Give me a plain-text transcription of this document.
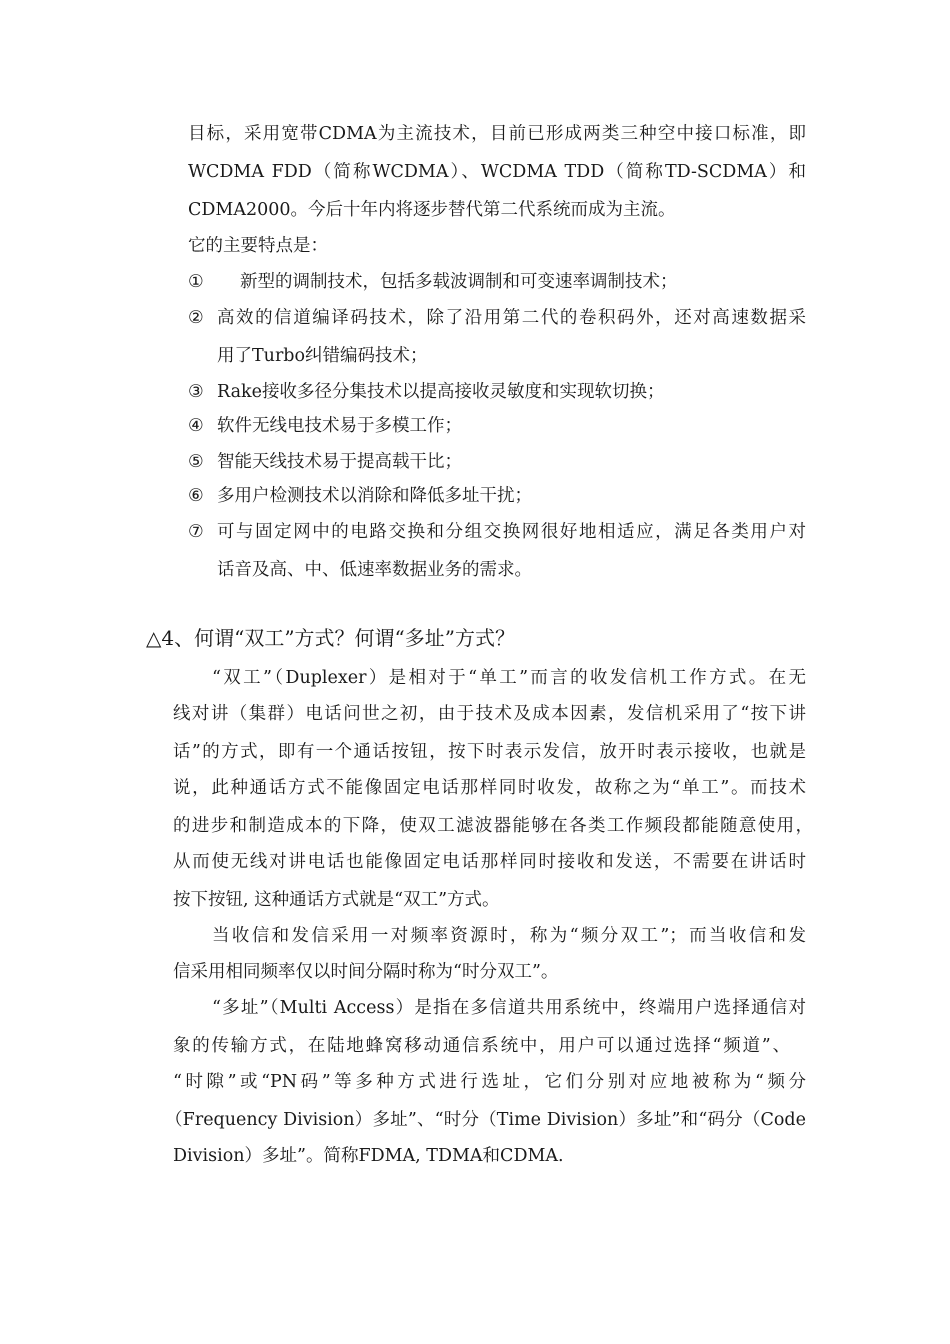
目标，采用宽带CDMA为主流技术，目前已形成两类三种空中接口标准，即
WCDMA FDD（简称WCDMA）、WCDMA TDD（简称TD-SCDMA）和
CDMA2000。今后十年内将逐步替代第二代系统而成为主流。
它的主要特点是：
① 新型的调制技术，包括多载波调制和可变速率调制技术；
② 高效的信道编译码技术，除了沿用第二代的卷积码外，还对高速数据采
用了Turbo纠错编码技术；
③ Rake接收多径分集技术以提高接收灵敏度和实现软切换；
④ 软件无线电技术易于多模工作；
⑤ 智能天线技术易于提高载干比；
⑥ 多用户检测技术以消除和降低多址干扰；
⑦ 可与固定网中的电路交换和分组交换网很好地相适应，满足各类用户对
话音及高、中、低速率数据业务的需求。
△4、何谓“双工”方式？何谓“多址”方式？
“双工”（Duplexer）是相对于“单工”而言的收发信机工作方式。在无
线对讲（集群）电话问世之初，由于技术及成本因素，发信机采用了“按下讲
话”的方式，即有一个通话按钮，按下时表示发信，放开时表示接收，也就是
说，此种通话方式不能像固定电话那样同时收发，故称之为“单工”。而技术
的进步和制造成本的下降，使双工滤波器能够在各类工作频段都能随意使用，
从而使无线对讲电话也能像固定电话那样同时接收和发送，不需要在讲话时
按下按钮, 这种通话方式就是“双工”方式。
当收信和发信采用一对频率资源时，称为“频分双工”；而当收信和发
信采用相同频率仅以时间分隔时称为“时分双工”。
“多址”（Multi Access）是指在多信道共用系统中，终端用户选择通信对
象的传输方式，在陆地蜂窝移动通信系统中，用户可以通过选择“频道”、
“时隙”或“PN码”等多种方式进行选址，它们分别对应地被称为“频分
（Frequency Division）多址”、“时分（Time Division）多址”和“码分（Code
Division）多址”。简称FDMA, TDMA和CDMA.
